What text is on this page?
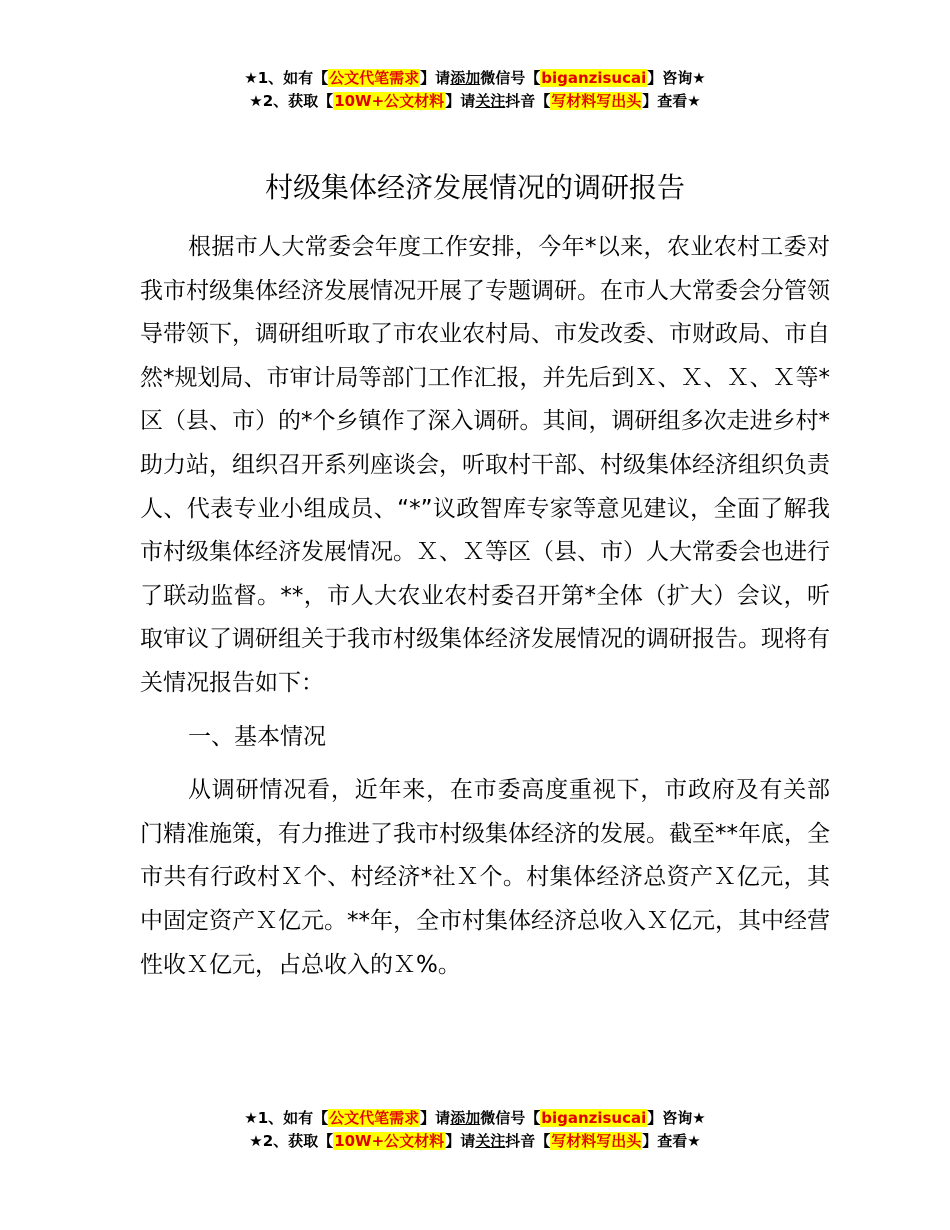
★1、如有【公文代笔需求】请添加微信号【biganzisucai】咨询★
★2、获取【10W+公文材料】请关注抖音【写材料写出头】查看★
村级集体经济发展情况的调研报告

根据市人大常委会年度工作安排，今年*以来，农业农村工委对我市村级集体经济发展情况开展了专题调研。在市人大常委会分管领导带领下，调研组听取了市农业农村局、市发改委、市财政局、市自然*规划局、市审计局等部门工作汇报，并先后到Ｘ、Ｘ、Ｘ、Ｘ等*区（县、市）的*个乡镇作了深入调研。其间，调研组多次走进乡村*助力站，组织召开系列座谈会，听取村干部、村级集体经济组织负责人、代表专业小组成员、“*”议政智库专家等意见建议，全面了解我市村级集体经济发展情况。Ｘ、Ｘ等区（县、市）人大常委会也进行了联动监督。**，市人大农业农村委召开第*全体（扩大）会议，听取审议了调研组关于我市村级集体经济发展情况的调研报告。现将有关情况报告如下：

一、基本情况

从调研情况看，近年来，在市委高度重视下，市政府及有关部门精准施策，有力推进了我市村级集体经济的发展。截至**年底，全市共有行政村Ｘ个、村经济*社Ｘ个。村集体经济总资产Ｘ亿元，其中固定资产Ｘ亿元。**年，全市村集体经济总收入Ｘ亿元，其中经营性收Ｘ亿元，占总收入的Ｘ%。

★1、如有【公文代笔需求】请添加微信号【biganzisucai】咨询★
★2、获取【10W+公文材料】请关注抖音【写材料写出头】查看★
